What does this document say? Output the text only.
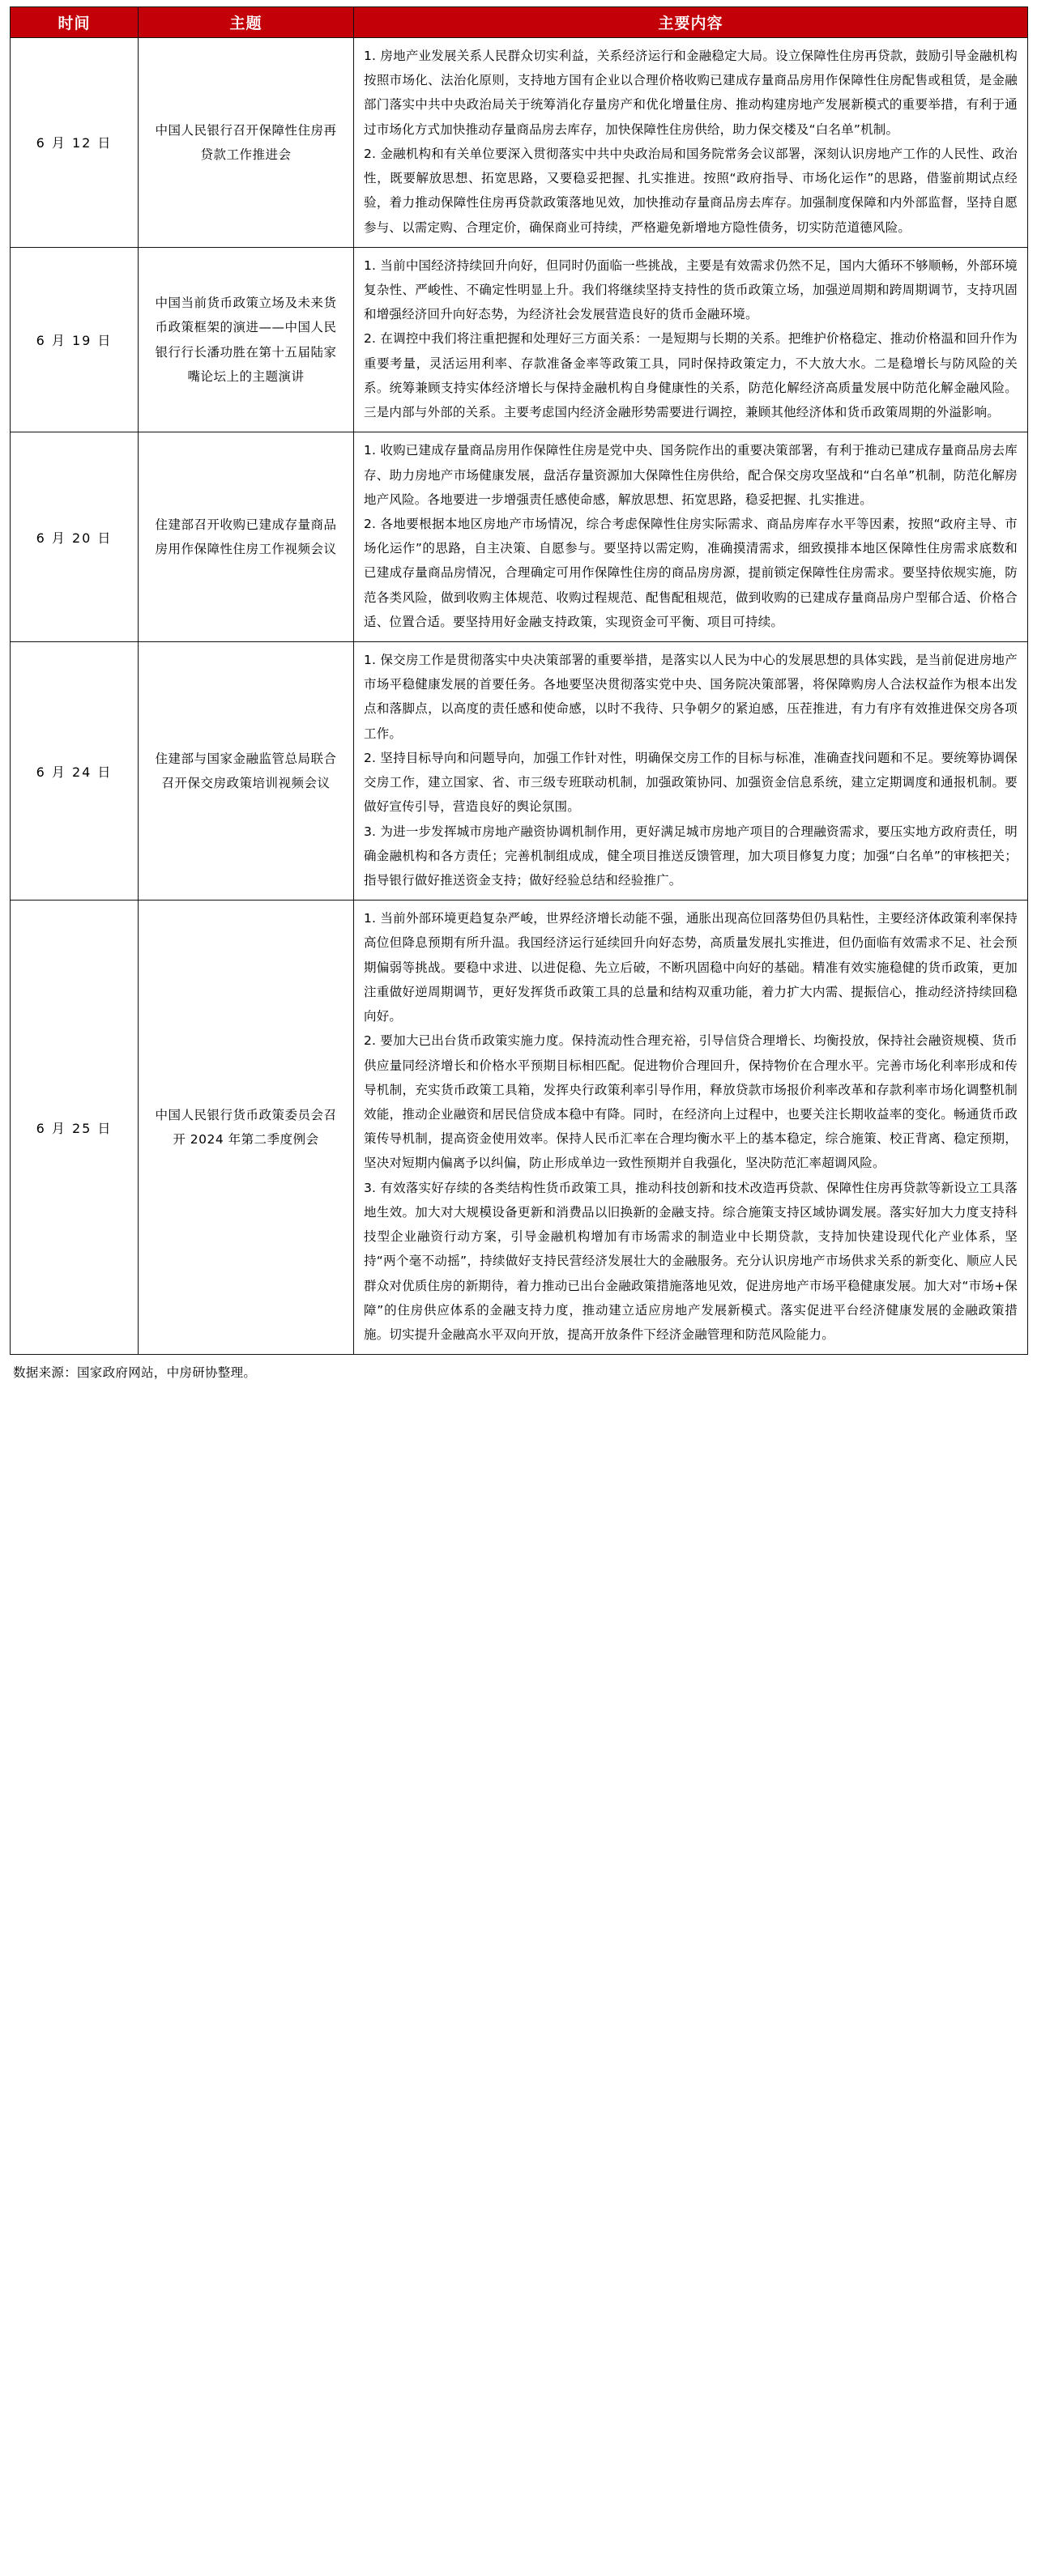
时间	主题	主要内容
6 月 12 日	中国人民银行召开保障性住房再贷款工作推进会	1. 房地产业发展关系人民群众切实利益，关系经济运行和金融稳定大局。设立保障性住房再贷款，鼓励引导金融机构按照市场化、法治化原则，支持地方国有企业以合理价格收购已建成存量商品房用作保障性住房配售或租赁，是金融部门落实中共中央政治局关于统筹消化存量房产和优化增量住房、推动构建房地产发展新模式的重要举措，有利于通过市场化方式加快推动存量商品房去库存，加快保障性住房供给，助力保交楼及“白名单”机制。

2. 金融机构和有关单位要深入贯彻落实中共中央政治局和国务院常务会议部署，深刻认识房地产工作的人民性、政治性，既要解放思想、拓宽思路，又要稳妥把握、扎实推进。按照“政府指导、市场化运作”的思路，借鉴前期试点经验，着力推动保障性住房再贷款政策落地见效，加快推动存量商品房去库存。加强制度保障和内外部监督，坚持自愿参与、以需定购、合理定价，确保商业可持续，严格避免新增地方隐性债务，切实防范道德风险。

6 月 19 日	中国当前货币政策立场及未来货币政策框架的演进——中国人民银行行长潘功胜在第十五届陆家嘴论坛上的主题演讲	1. 当前中国经济持续回升向好，但同时仍面临一些挑战，主要是有效需求仍然不足，国内大循环不够顺畅，外部环境复杂性、严峻性、不确定性明显上升。我们将继续坚持支持性的货币政策立场，加强逆周期和跨周期调节，支持巩固和增强经济回升向好态势，为经济社会发展营造良好的货币金融环境。

2. 在调控中我们将注重把握和处理好三方面关系：一是短期与长期的关系。把维护价格稳定、推动价格温和回升作为重要考量，灵活运用利率、存款准备金率等政策工具，同时保持政策定力，不大放大水。二是稳增长与防风险的关系。统筹兼顾支持实体经济增长与保持金融机构自身健康性的关系，防范化解经济高质量发展中防范化解金融风险。三是内部与外部的关系。主要考虑国内经济金融形势需要进行调控，兼顾其他经济体和货币政策周期的外溢影响。

6 月 20 日	住建部召开收购已建成存量商品房用作保障性住房工作视频会议	1. 收购已建成存量商品房用作保障性住房是党中央、国务院作出的重要决策部署，有利于推动已建成存量商品房去库存、助力房地产市场健康发展，盘活存量资源加大保障性住房供给，配合保交房攻坚战和“白名单”机制，防范化解房地产风险。各地要进一步增强责任感使命感，解放思想、拓宽思路，稳妥把握、扎实推进。

2. 各地要根据本地区房地产市场情况，综合考虑保障性住房实际需求、商品房库存水平等因素，按照“政府主导、市场化运作”的思路，自主决策、自愿参与。要坚持以需定购，准确摸清需求，细致摸排本地区保障性住房需求底数和已建成存量商品房情况，合理确定可用作保障性住房的商品房房源，提前锁定保障性住房需求。要坚持依规实施，防范各类风险，做到收购主体规范、收购过程规范、配售配租规范，做到收购的已建成存量商品房户型郁合适、价格合适、位置合适。要坚持用好金融支持政策，实现资金可平衡、项目可持续。

6 月 24 日	住建部与国家金融监管总局联合召开保交房政策培训视频会议	1. 保交房工作是贯彻落实中央决策部署的重要举措，是落实以人民为中心的发展思想的具体实践，是当前促进房地产市场平稳健康发展的首要任务。各地要坚决贯彻落实党中央、国务院决策部署，将保障购房人合法权益作为根本出发点和落脚点，以高度的责任感和使命感，以时不我待、只争朝夕的紧迫感，压茬推进，有力有序有效推进保交房各项工作。

2. 坚持目标导向和问题导向，加强工作针对性，明确保交房工作的目标与标准，准确查找问题和不足。要统筹协调保交房工作，建立国家、省、市三级专班联动机制，加强政策协同、加强资金信息系统，建立定期调度和通报机制。要做好宣传引导，营造良好的舆论氛围。

3. 为进一步发挥城市房地产融资协调机制作用，更好满足城市房地产项目的合理融资需求，要压实地方政府责任，明确金融机构和各方责任；完善机制组成成，健全项目推送反馈管理，加大项目修复力度；加强“白名单”的审核把关；指导银行做好推送资金支持；做好经验总结和经验推广。

6 月 25 日	中国人民银行货币政策委员会召开 2024 年第二季度例会	1. 当前外部环境更趋复杂严峻，世界经济增长动能不强，通胀出现高位回落势但仍具粘性，主要经济体政策利率保持高位但降息预期有所升温。我国经济运行延续回升向好态势，高质量发展扎实推进，但仍面临有效需求不足、社会预期偏弱等挑战。要稳中求进、以进促稳、先立后破，不断巩固稳中向好的基础。精准有效实施稳健的货币政策，更加注重做好逆周期调节，更好发挥货币政策工具的总量和结构双重功能，着力扩大内需、提振信心，推动经济持续回稳向好。

2. 要加大已出台货币政策实施力度。保持流动性合理充裕，引导信贷合理增长、均衡投放，保持社会融资规模、货币供应量同经济增长和价格水平预期目标相匹配。促进物价合理回升，保持物价在合理水平。完善市场化利率形成和传导机制，充实货币政策工具箱，发挥央行政策利率引导作用，释放贷款市场报价利率改革和存款利率市场化调整机制效能，推动企业融资和居民信贷成本稳中有降。同时，在经济向上过程中，也要关注长期收益率的变化。畅通货币政策传导机制，提高资金使用效率。保持人民币汇率在合理均衡水平上的基本稳定，综合施策、校正背离、稳定预期，坚决对短期内偏离予以纠偏，防止形成单边一致性预期并自我强化，坚决防范汇率超调风险。

3. 有效落实好存续的各类结构性货币政策工具，推动科技创新和技术改造再贷款、保障性住房再贷款等新设立工具落地生效。加大对大规模设备更新和消费品以旧换新的金融支持。综合施策支持区域协调发展。落实好加大力度支持科技型企业融资行动方案，引导金融机构增加有市场需求的制造业中长期贷款，支持加快建设现代化产业体系，坚持“两个毫不动摇”，持续做好支持民营经济发展壮大的金融服务。充分认识房地产市场供求关系的新变化、顺应人民群众对优质住房的新期待，着力推动已出台金融政策措施落地见效，促进房地产市场平稳健康发展。加大对“市场+保障”的住房供应体系的金融支持力度，推动建立适应房地产发展新模式。落实促进平台经济健康发展的金融政策措施。切实提升金融高水平双向开放，提高开放条件下经济金融管理和防范风险能力。

数据来源：国家政府网站，中房研协整理。
